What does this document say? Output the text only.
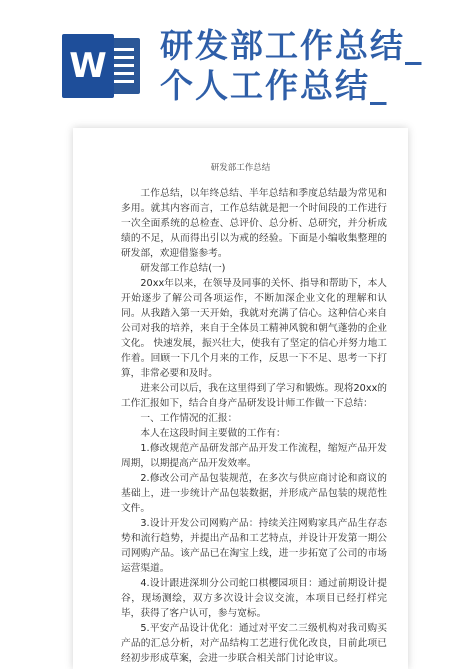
W
研发部工作总结_
个人工作总结_
研发部工作总结

工作总结，以年终总结、半年总结和季度总结最为常见和多用。就其内容而言，工作总结就是把一个时间段的工作进行一次全面系统的总检查、总评价、总分析、总研究，并分析成绩的不足，从而得出引以为戒的经验。下面是小编收集整理的研发部，欢迎借鉴参考。

研发部工作总结(一)

20xx年以来，在领导及同事的关怀、指导和帮助下，本人开始逐步了解公司各项运作，不断加深企业文化的理解和认同。从我踏入第一天开始，我就对充满了信心。这种信心来自公司对我的培养，来自于全体员工精神风貌和朝气蓬勃的企业文化。 快速发展，振兴壮大，使我有了坚定的信心并努力地工作着。回顾一下几个月来的工作，反思一下不足、思考一下打算，非常必要和及时。

进来公司以后，我在这里得到了学习和锻炼。现将20xx的工作汇报如下，结合自身产品研发设计师工作做一下总结：

一、工作情况的汇报：

本人在这段时间主要做的工作有：

1.修改规范产品研发部产品开发工作流程，缩短产品开发周期，以期提高产品开发效率。

2.修改公司产品包装规范，在多次与供应商讨论和商议的基础上，进一步统计产品包装数据，并形成产品包装的规范性文件。

3.设计开发公司网购产品：持续关注网购家具产品生存态势和流行趋势，并提出产品和工艺特点，并设计开发第一期公司网购产品。该产品已在淘宝上线，进一步拓宽了公司的市场运营渠道。

4.设计跟进深圳分公司蛇口棋樱园项目：通过前期设计提谷，现场测绘，双方多次设计会议交流，本项目已经打样完毕，获得了客户认可，参与宽标。

5.平安产品设计优化：通过对平安二三级机构对我司购买产品的汇总分析，对产品结构工艺进行优化改良，目前此项已经初步形成草案，会进一步联合相关部门讨论审议。
